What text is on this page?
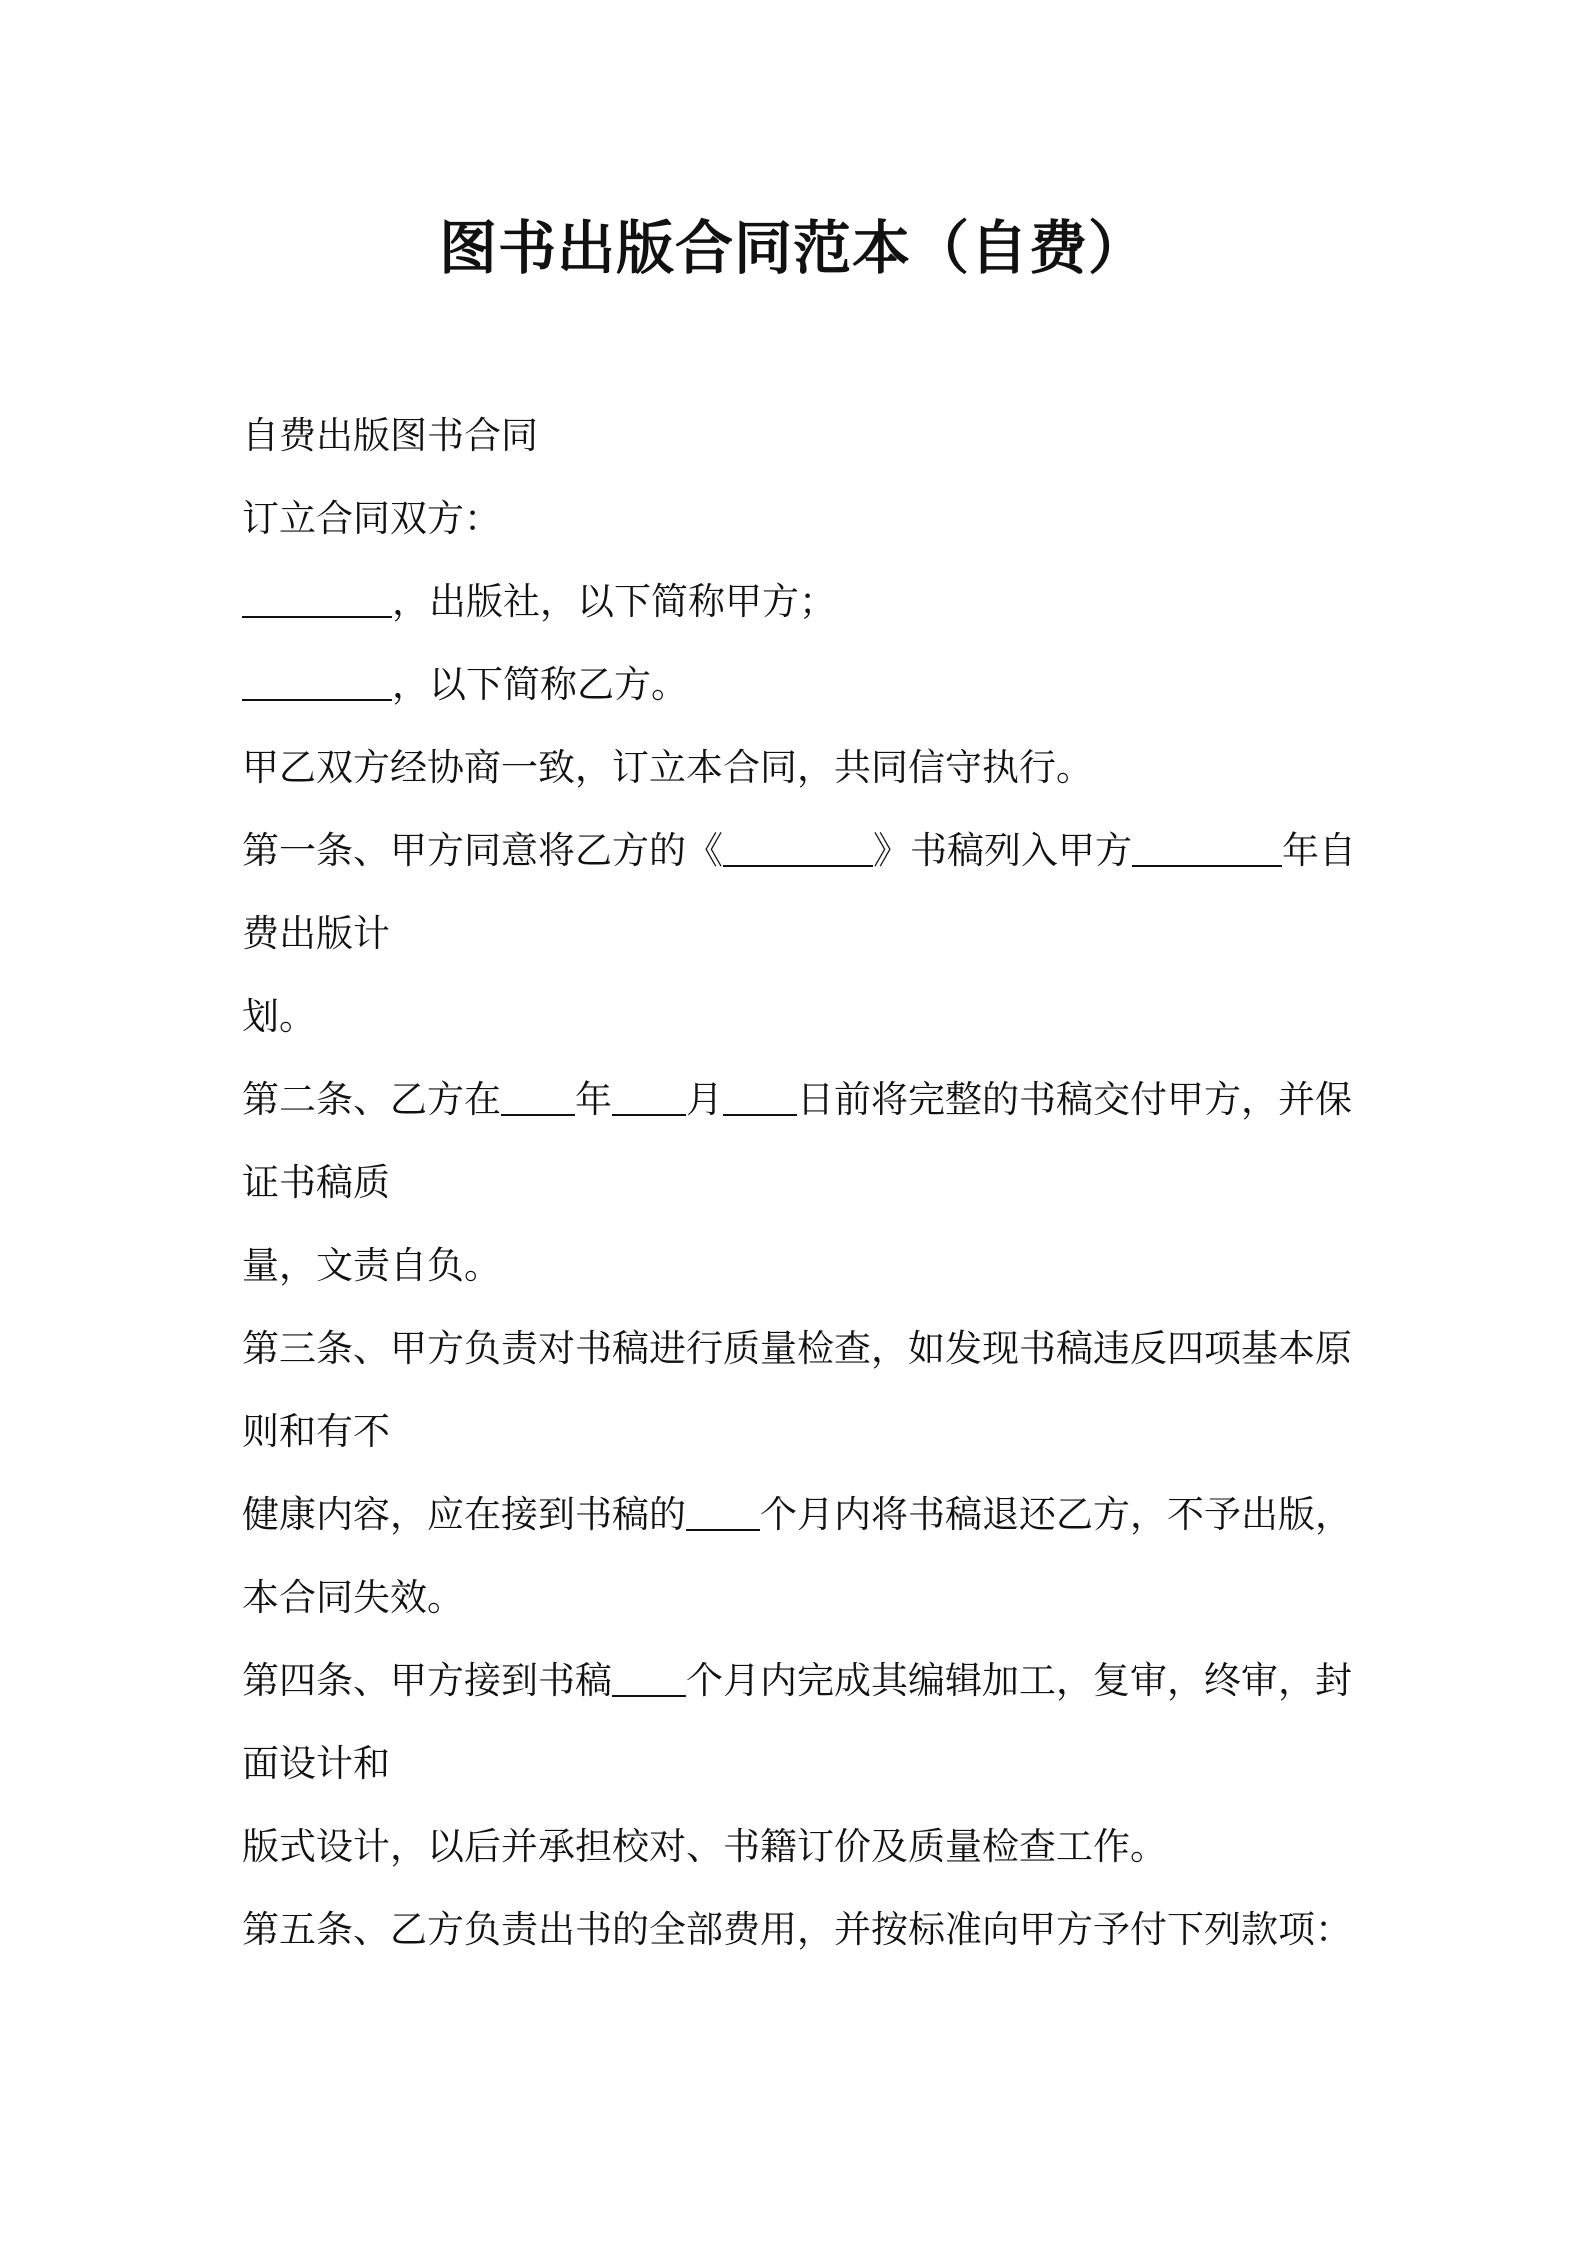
图书出版合同范本（自费）

自费出版图书合同

订立合同双方：

，出版社，以下简称甲方；

，以下简称乙方。

甲乙双方经协商一致，订立本合同，共同信守执行。

第一条、甲方同意将乙方的《	》书稿列入甲方	年自

费出版计

划。

第二条、乙方在 年 月 日前将完整的书稿交付甲方，并保

证书稿质

量，文责自负。

第三条、甲方负责对书稿进行质量检查，如发现书稿违反四项基本原

则和有不

健康内容，应在接到书稿的 个月内将书稿退还乙方，不予出版，

本合同失效。

第四条、甲方接到书稿 个月内完成其编辑加工，复审，终审，封

面设计和

版式设计，以后并承担校对、书籍订价及质量检查工作。

第五条、乙方负责出书的全部费用，并按标准向甲方予付下列款项：
